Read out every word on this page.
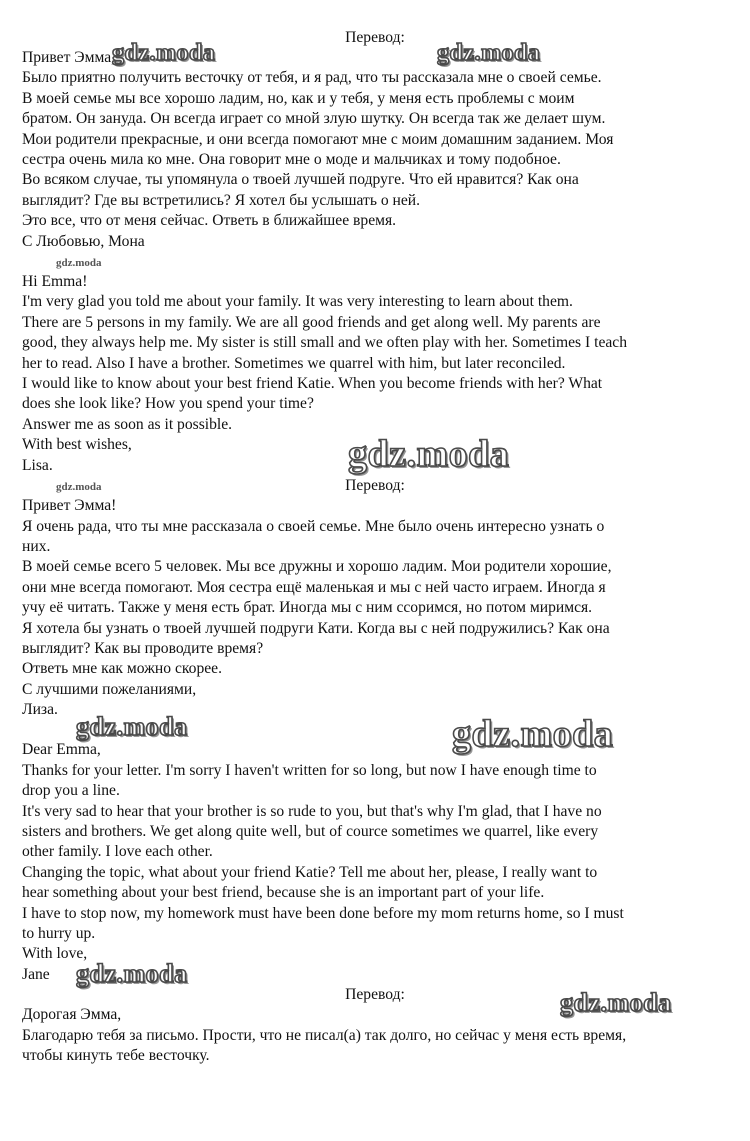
Перевод:
Привет Эмма,
Было приятно получить весточку от тебя, и я рад, что ты рассказала мне о своей семье.
В моей семье мы все хорошо ладим, но, как и у тебя, у меня есть проблемы с моим
братом. Он зануда. Он всегда играет со мной злую шутку. Он всегда так же делает шум.
Мои родители прекрасные, и они всегда помогают мне с моим домашним заданием. Моя
сестра очень мила ко мне. Она говорит мне о моде и мальчиках и тому подобное.
Во всяком случае, ты упомянула о твоей лучшей подруге. Что ей нравится? Как она
выглядит? Где вы встретились? Я хотел бы услышать о ней.
Это все, что от меня сейчас. Ответь в ближайшее время.
С Любовью, Мона
Hi Emma!
I'm very glad you told me about your family. It was very interesting to learn about them.
There are 5 persons in my family. We are all good friends and get along well. My parents are
good, they always help me. My sister is still small and we often play with her. Sometimes I teach
her to read. Also I have a brother. Sometimes we quarrel with him, but later reconciled.
I would like to know about your best friend Katie. When you become friends with her? What
does she look like? How you spend your time?
Answer me as soon as it possible.
With best wishes,
Lisa.
Перевод:
Привет Эмма!
Я очень рада, что ты мне рассказала о своей семье. Мне было очень интересно узнать о
них.
В моей семье всего 5 человек. Мы все дружны и хорошо ладим. Мои родители хорошие,
они мне всегда помогают. Моя сестра ещё маленькая и мы с ней часто играем. Иногда я
учу её читать. Также у меня есть брат. Иногда мы с ним ссоримся, но потом миримся.
Я хотела бы узнать о твоей лучшей подруги Кати. Когда вы с ней подружились? Как она
выглядит? Как вы проводите время?
Ответь мне как можно скорее.
С лучшими пожеланиями,
Лиза.
Dear Emma,
Thanks for your letter. I'm sorry I haven't written for so long, but now I have enough time to
drop you a line.
It's very sad to hear that your brother is so rude to you, but that's why I'm glad, that I have no
sisters and brothers. We get along quite well, but of cource sometimes we quarrel, like every
other family. I love each other.
Changing the topic, what about your friend Katie? Tell me about her, please, I really want to
hear something about your best friend, because she is an important part of your life.
I have to stop now, my homework must have been done before my mom returns home, so I must
to hurry up.
With love,
Jane
Перевод:
Дорогая Эмма,
Благодарю тебя за письмо. Прости, что не писал(а) так долго, но сейчас у меня есть время,
чтобы кинуть тебе весточку.
gdz.moda	gdz.moda
gdz.moda
gdz.moda
gdz.moda
gdz.moda	gdz.moda
gdz.moda
gdz.moda
